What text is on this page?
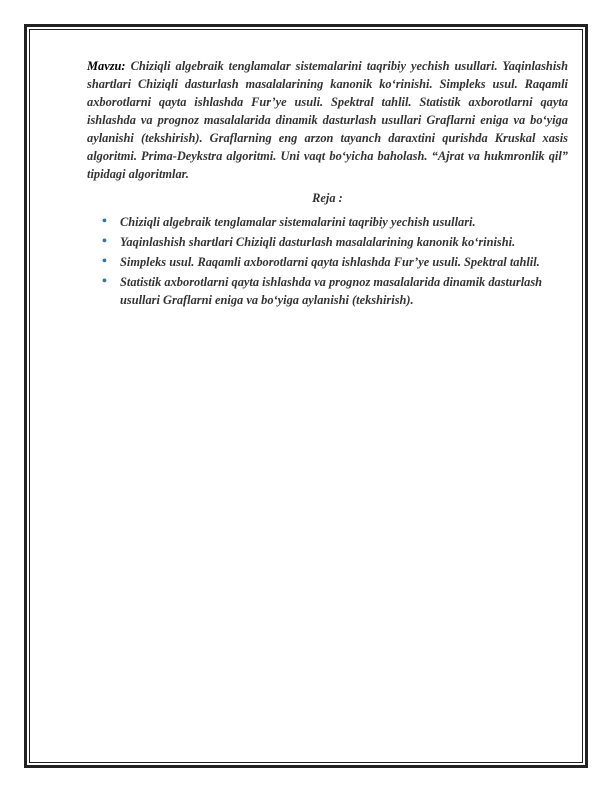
Mavzu: Chiziqli algebraik tenglamalar sistemalarini taqribiy yechish usullari. Yaqinlashish shartlari Chiziqli dasturlash masalalarining kanonik ko‘rinishi. Simpleks usul. Raqamli axborotlarni qayta ishlashda Fur’ye usuli. Spektral tahlil. Statistik axborotlarni qayta ishlashda va prognoz masalalarida dinamik dasturlash usullari Graflarni eniga va bo‘yiga aylanishi (tekshirish). Graflarning eng arzon tayanch daraxtini qurishda Kruskal xasis algoritmi. Prima-Deykstra algoritmi. Uni vaqt bo‘yicha baholash. “Ajrat va hukmronlik qil” tipidagi algoritmlar.

Reja :
• Chiziqli algebraik tenglamalar sistemalarini taqribiy yechish usullari.
• Yaqinlashish shartlari Chiziqli dasturlash masalalarining kanonik ko‘rinishi.
• Simpleks usul. Raqamli axborotlarni qayta ishlashda Fur’ye usuli. Spektral tahlil.
• Statistik axborotlarni qayta ishlashda va prognoz masalalarida dinamik dasturlash usullari Graflarni eniga va bo‘yiga aylanishi (tekshirish).
